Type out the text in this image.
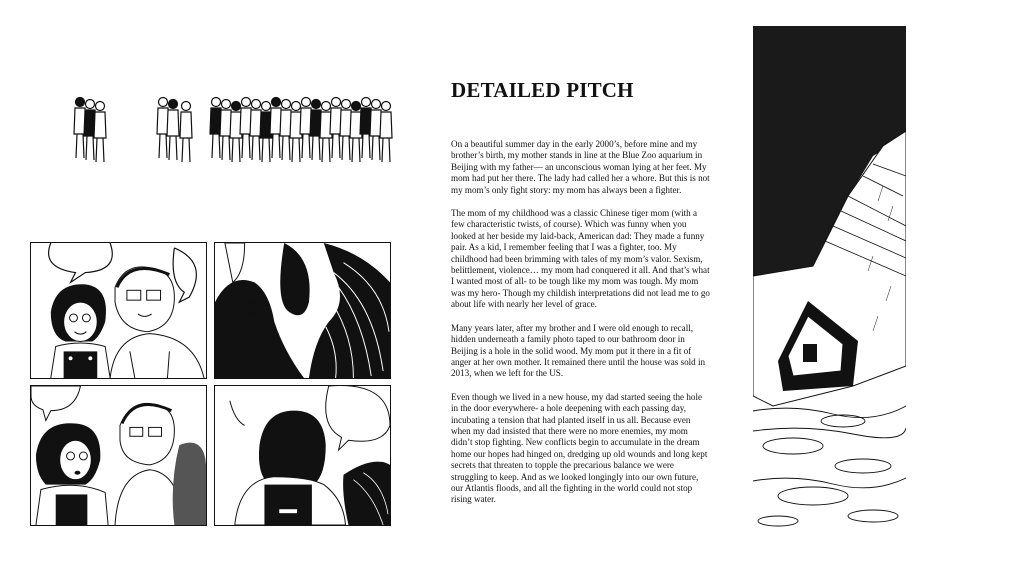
DETAILED PITCH

On a beautiful summer day in the early 2000’s, before mine and my brother’s birth, my mother stands in line at the Blue Zoo aquarium in Beijing with my father— an unconscious woman lying at her feet. My mom had put her there. The lady had called her a whore. But this is not my mom’s only fight story: my mom has always been a fighter.

The mom of my childhood was a classic Chinese tiger mom (with a few characteristic twists, of course). Which was funny when you looked at her beside my laid-back, American dad: They made a funny pair. As a kid, I remember feeling that I was a fighter, too. My childhood had been brimming with tales of my mom’s valor. Sexism, belittlement, violence… my mom had conquered it all. And that’s what I wanted most of all- to be tough like my mom was tough. My mom was my hero- Though my childish interpretations did not lead me to go about life with nearly her level of grace.

Many years later, after my brother and I were old enough to recall, hidden underneath a family photo taped to our bathroom door in Beijing is a hole in the solid wood. My mom put it there in a fit of anger at her own mother. It remained there until the house was sold in 2013, when we left for the US.

Even though we lived in a new house, my dad started seeing the hole in the door everywhere- a hole deepening with each passing day, incubating a tension that had planted itself in us all. Because even when my dad insisted that there were no more enemies, my mom didn’t stop fighting. New conflicts begin to accumulate in the dream home our hopes had hinged on, dredging up old wounds and long kept secrets that threaten to topple the precarious balance we were struggling to keep. And as we looked longingly into our own future, our Atlantis floods, and all the fighting in the world could not stop rising water.
